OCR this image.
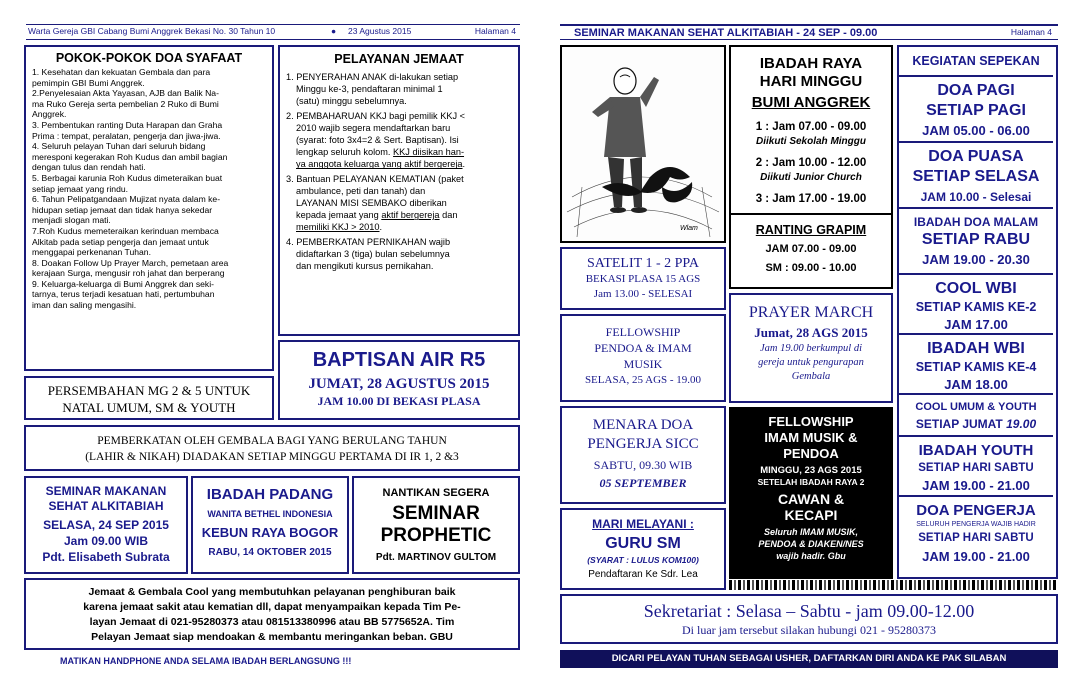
Warta Gereja GBI Cabang Bumi Anggrek Bekasi No. 30 Tahun 10	● 23 Agustus 2015	Halaman 4
POKOK-POKOK DOA SYAFAAT
1. Kesehatan dan kekuatan Gembala dan para
pemimpin GBI Bumi Anggrek.
2.Penyelesaian Akta Yayasan, AJB dan Balik Na-
ma Ruko Gereja serta pembelian 2 Ruko di Bumi
Anggrek.
3. Pembentukan ranting Duta Harapan dan Graha
Prima : tempat, peralatan, pengerja dan jiwa-jiwa.
4. Seluruh pelayan Tuhan dari seluruh bidang
meresponi kegerakan Roh Kudus dan ambil bagian
dengan tulus dan rendah hati.
5. Berbagai karunia Roh Kudus dimeteraikan buat
setiap jemaat yang rindu.
6. Tahun Pelipatgandaan Mujizat nyata dalam ke-
hidupan setiap jemaat dan tidak hanya sekedar
menjadi slogan mati.
7.Roh Kudus memeteraikan kerinduan membaca
Alkitab pada setiap pengerja dan jemaat untuk
menggapai perkenanan Tuhan.
8. Doakan Follow Up Prayer March, pemetaan area
kerajaan Surga, mengusir roh jahat dan berperang
9. Keluarga-keluarga di Bumi Anggrek dan seki-
tarnya, terus terjadi kesatuan hati, pertumbuhan
iman dan saling mengasihi.
PELAYANAN JEMAAT
1. PENYERAHAN ANAK di-lakukan setiap
Minggu ke-3, pendaftaran minimal 1
(satu) minggu sebelumnya.
2. PEMBAHARUAN KKJ bagi pemilik KKJ <
2010 wajib segera mendaftarkan baru
(syarat: foto 3x4=2 & Sert. Baptisan). Isi
lengkap seluruh kolom. KKJ diisikan han-
ya anggota keluarga yang aktif bergereja.
3. Bantuan PELAYANAN KEMATIAN (paket
ambulance, peti dan tanah) dan
LAYANAN MISI SEMBAKO diberikan
kepada jemaat yang aktif bergereja dan
memiliki KKJ > 2010.
4. PEMBERKATAN PERNIKAHAN wajib
didaftarkan 3 (tiga) bulan sebelumnya
dan mengikuti kursus pernikahan.
BAPTISAN AIR R5
JUMAT, 28 AGUSTUS 2015
JAM 10.00 DI BEKASI PLASA
PERSEMBAHAN MG 2 & 5 UNTUK
NATAL UMUM, SM & YOUTH
PEMBERKATAN OLEH GEMBALA BAGI YANG BERULANG TAHUN
(LAHIR & NIKAH) DIADAKAN SETIAP MINGGU PERTAMA DI IR 1, 2 &3
SEMINAR MAKANAN
SEHAT ALKITABIAH
SELASA, 24 SEP 2015
Jam 09.00 WIB
Pdt. Elisabeth Subrata
IBADAH PADANG
WANITA BETHEL INDONESIA
KEBUN RAYA BOGOR
RABU, 14 OKTOBER 2015
NANTIKAN SEGERA
SEMINAR
PROPHETIC
Pdt. MARTINOV GULTOM
Jemaat & Gembala Cool yang membutuhkan pelayanan penghiburan baik
karena jemaat sakit atau kematian dll, dapat menyampaikan kepada Tim Pe-
layan Jemaat di 021-95280373 atau 081513380996 atau BB 5775652A. Tim
Pelayan Jemaat siap mendoakan & membantu meringankan beban. GBU
MATIKAN HANDPHONE ANDA SELAMA IBADAH BERLANGSUNG !!!
SEMINAR MAKANAN SEHAT ALKITABIAH - 24 SEP - 09.00	Halaman 4
Wlam
IBADAH RAYA
HARI MINGGU
BUMI ANGGREK
1 : Jam 07.00 - 09.00
Diikuti Sekolah Minggu
2 : Jam 10.00 - 12.00
Diikuti Junior Church
3 : Jam 17.00 - 19.00
RANTING GRAPIM
JAM 07.00 - 09.00
SM : 09.00 - 10.00
SATELIT 1 - 2 PPA
BEKASI PLASA 15 AGS
Jam 13.00 - SELESAI
FELLOWSHIP
PENDOA & IMAM
MUSIK
SELASA, 25 AGS - 19.00
MENARA DOA
PENGERJA SICC
SABTU, 09.30 WIB
05 SEPTEMBER
MARI MELAYANI :
GURU SM
(SYARAT : LULUS KOM100)
Pendaftaran Ke Sdr. Lea
PRAYER MARCH
Jumat, 28 AGS 2015
Jam 19.00 berkumpul di
gereja untuk pengurapan
Gembala
FELLOWSHIP
IMAM MUSIK &
PENDOA
MINGGU, 23 AGS 2015
SETELAH IBADAH RAYA 2
CAWAN &
KECAPI
Seluruh IMAM MUSIK,
PENDOA & DIAKEN/NES
wajib hadir. Gbu
KEGIATAN SEPEKAN
DOA PAGI
SETIAP PAGI
JAM 05.00 - 06.00
DOA PUASA
SETIAP SELASA
JAM 10.00 - Selesai
IBADAH DOA MALAM
SETIAP RABU
JAM 19.00 - 20.30
COOL WBI
SETIAP KAMIS KE-2
JAM 17.00
IBADAH WBI
SETIAP KAMIS KE-4
JAM 18.00
COOL UMUM & YOUTH
SETIAP JUMAT 19.00
IBADAH YOUTH
SETIAP HARI SABTU
JAM 19.00 - 21.00
DOA PENGERJA
SELURUH PENGERJA WAJIB HADIR
SETIAP HARI SABTU
JAM 19.00 - 21.00
Sekretariat : Selasa – Sabtu - jam 09.00-12.00
Di luar jam tersebut silakan hubungi 021 - 95280373
DICARI PELAYAN TUHAN SEBAGAI USHER, DAFTARKAN DIRI ANDA KE PAK SILABAN
